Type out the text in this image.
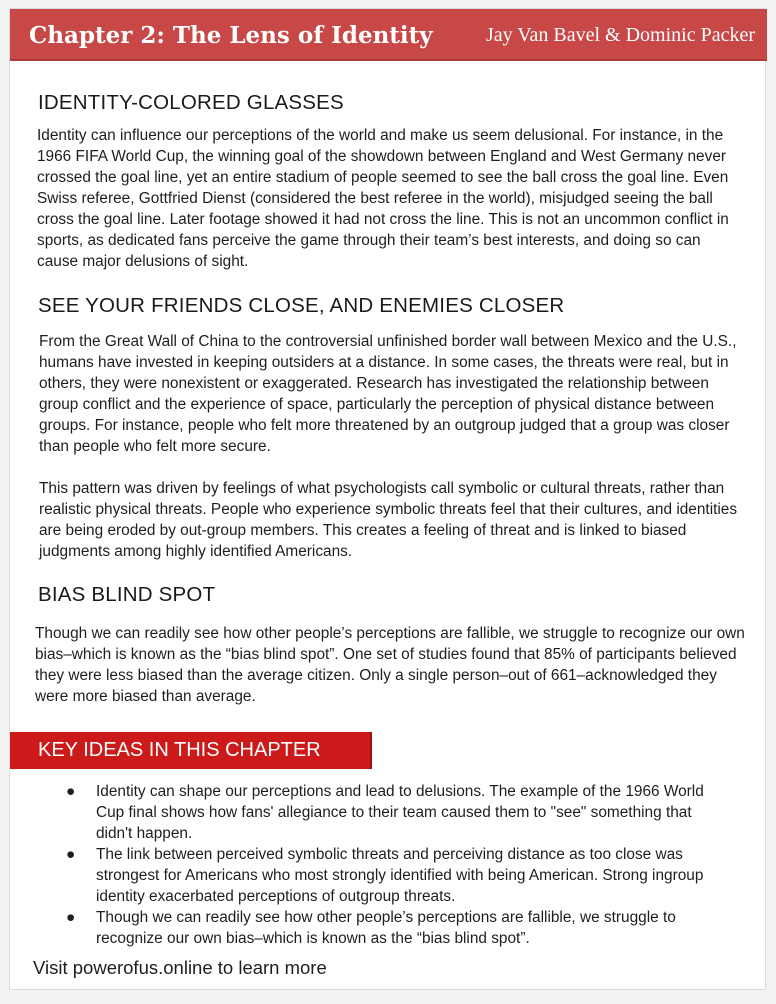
Chapter 2: The Lens of Identity	Jay Van Bavel & Dominic Packer
IDENTITY-COLORED GLASSES

Identity can influence our perceptions of the world and make us seem delusional. For instance, in the 1966 FIFA World Cup, the winning goal of the showdown between England and West Germany never crossed the goal line, yet an entire stadium of people seemed to see the ball cross the goal line. Even Swiss referee, Gottfried Dienst (considered the best referee in the world), misjudged seeing the ball cross the goal line. Later footage showed it had not cross the line. This is not an uncommon conflict in sports, as dedicated fans perceive the game through their team’s best interests, and doing so can cause major delusions of sight.

SEE YOUR FRIENDS CLOSE, AND ENEMIES CLOSER

From the Great Wall of China to the controversial unfinished border wall between Mexico and the U.S., humans have invested in keeping outsiders at a distance. In some cases, the threats were real, but in others, they were nonexistent or exaggerated. Research has investigated the relationship between group conflict and the experience of space, particularly the perception of physical distance between groups. For instance, people who felt more threatened by an outgroup judged that a group was closer than people who felt more secure.

This pattern was driven by feelings of what psychologists call symbolic or cultural threats, rather than realistic physical threats. People who experience symbolic threats feel that their cultures, and identities are being eroded by out-group members. This creates a feeling of threat and is linked to biased judgments among highly identified Americans.

BIAS BLIND SPOT

Though we can readily see how other people’s perceptions are fallible, we struggle to recognize our own bias–which is known as the “bias blind spot”. One set of studies found that 85% of participants believed they were less biased than the average citizen. Only a single person–out of 661–acknowledged they were more biased than average.

KEY IDEAS IN THIS CHAPTER
●	Identity can shape our perceptions and lead to delusions. The example of the 1966 World Cup final shows how fans' allegiance to their team caused them to "see" something that didn't happen.
●	The link between perceived symbolic threats and perceiving distance as too close was strongest for Americans who most strongly identified with being American. Strong ingroup identity exacerbated perceptions of outgroup threats.
●	Though we can readily see how other people’s perceptions are fallible, we struggle to recognize our own bias–which is known as the “bias blind spot”.
Visit powerofus.online to learn more
